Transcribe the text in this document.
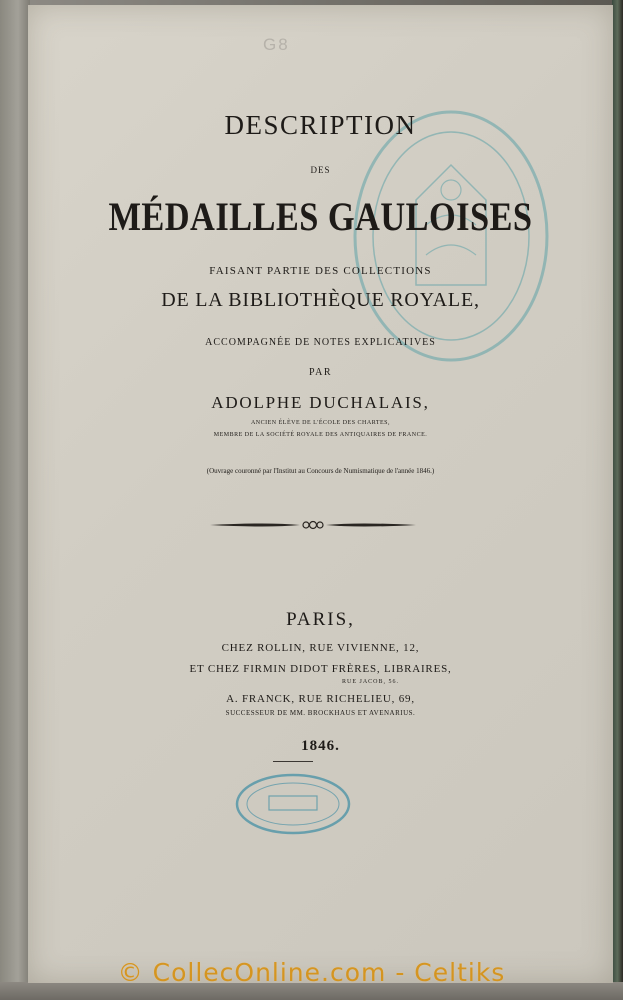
G8
DESCRIPTION
DES
MÉDAILLES GAULOISES
FAISANT PARTIE DES COLLECTIONS
DE LA BIBLIOTHÈQUE ROYALE,
ACCOMPAGNÉE DE NOTES EXPLICATIVES
PAR
ADOLPHE DUCHALAIS,
ANCIEN ÉLÈVE DE L'ÉCOLE DES CHARTES,
MEMBRE DE LA SOCIÉTÉ ROYALE DES ANTIQUAIRES DE FRANCE.
(Ouvrage couronné par l'Institut au Concours de Numismatique de l'année 1846.)
PARIS,
CHEZ ROLLIN, RUE VIVIENNE, 12,
ET CHEZ FIRMIN DIDOT FRÈRES, LIBRAIRES,
RUE JACOB, 56.
A. FRANCK, RUE RICHELIEU, 69,
SUCCESSEUR DE MM. BROCKHAUS ET AVENARIUS.
1846.
© CollecOnline.com - Celtiks
